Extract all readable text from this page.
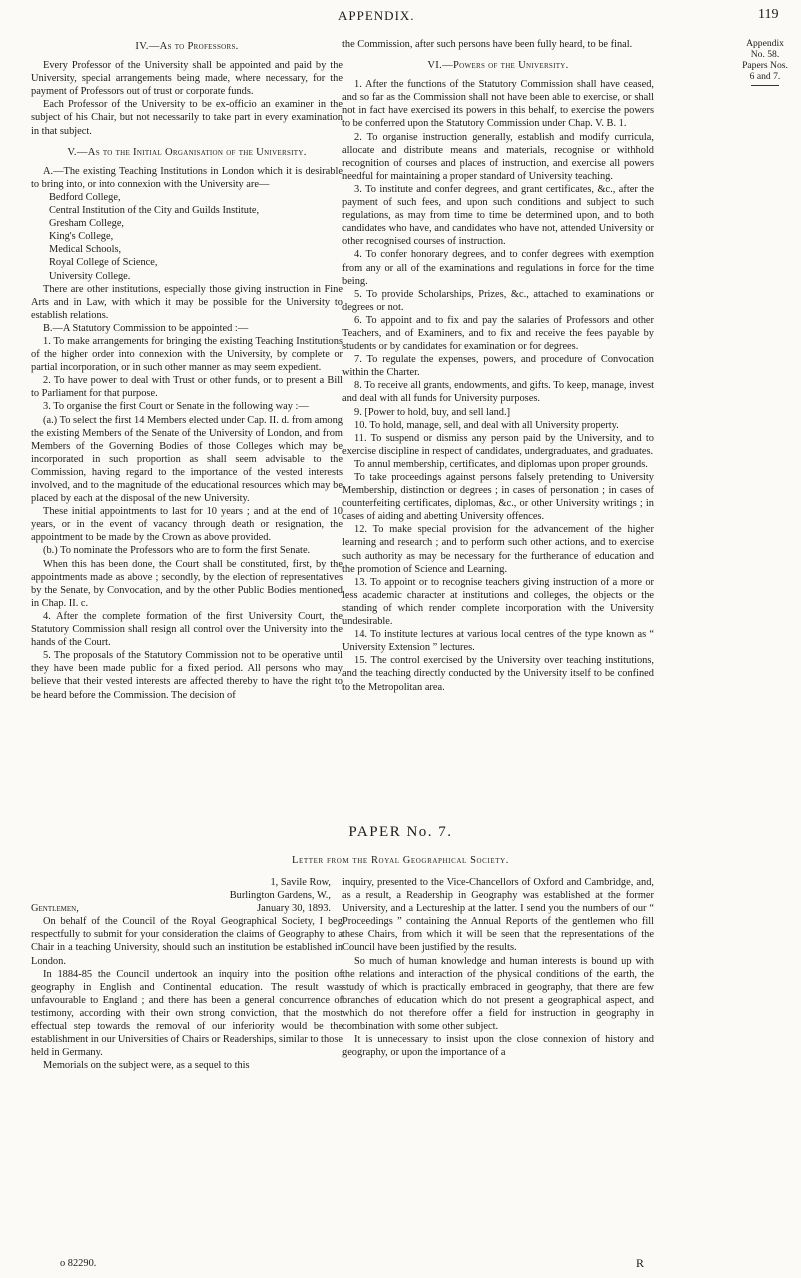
APPENDIX.	119
Appendix
No. 58.
Papers Nos.
6 and 7.

IV.—As to Professors.

Every Professor of the University shall be appointed and paid by the University, special arrangements being made, where necessary, for the payment of Professors out of trust or corporate funds.

Each Professor of the University to be ex-officio an examiner in the subject of his Chair, but not necessarily to take part in every examination in that subject.

V.—As to the Initial Organisation of the University.

A.—The existing Teaching Institutions in London which it is desirable to bring into, or into connexion with the University are—

Bedford College,
Central Institution of the City and Guilds Institute,
Gresham College,
King's College,
Medical Schools,
Royal College of Science,
University College.

There are other institutions, especially those giving instruction in Fine Arts and in Law, with which it may be possible for the University to establish relations.

B.—A Statutory Commission to be appointed :—

1. To make arrangements for bringing the existing Teaching Institutions of the higher order into connexion with the University, by complete or partial incorporation, or in such other manner as may seem expedient.

2. To have power to deal with Trust or other funds, or to present a Bill to Parliament for that purpose.

3. To organise the first Court or Senate in the following way :—

(a.) To select the first 14 Members elected under Cap. II. d. from among the existing Members of the Senate of the University of London, and from Members of the Governing Bodies of those Colleges which may be incorporated in such proportion as shall seem advisable to the Commission, having regard to the importance of the vested interests involved, and to the magnitude of the educational resources which may be placed by each at the disposal of the new University.

These initial appointments to last for 10 years ; and at the end of 10 years, or in the event of vacancy through death or resignation, the appointment to be made by the Crown as above provided.

(b.) To nominate the Professors who are to form the first Senate.

When this has been done, the Court shall be constituted, first, by the appointments made as above ; secondly, by the election of representatives by the Senate, by Convocation, and by the other Public Bodies mentioned in Chap. II. c.

4. After the complete formation of the first University Court, the Statutory Commission shall resign all control over the University into the hands of the Court.

5. The proposals of the Statutory Commission not to be operative until they have been made public for a fixed period. All persons who may believe that their vested interests are affected thereby to have the right to be heard before the Commission. The decision of

the Commission, after such persons have been fully heard, to be final.

VI.—Powers of the University.

1. After the functions of the Statutory Commission shall have ceased, and so far as the Commission shall not have been able to exercise, or shall not in fact have exercised its powers in this behalf, to exercise the powers to be conferred upon the Statutory Commission under Chap. V. B. 1.

2. To organise instruction generally, establish and modify curricula, allocate and distribute means and materials, recognise or withhold recognition of courses and places of instruction, and exercise all powers needful for maintaining a proper standard of University teaching.

3. To institute and confer degrees, and grant certificates, &c., after the payment of such fees, and upon such conditions and subject to such regulations, as may from time to time be determined upon, and to both candidates who have, and candidates who have not, attended University or other recognised courses of instruction.

4. To confer honorary degrees, and to confer degrees with exemption from any or all of the examinations and regulations in force for the time being.

5. To provide Scholarships, Prizes, &c., attached to examinations or degrees or not.

6. To appoint and to fix and pay the salaries of Professors and other Teachers, and of Examiners, and to fix and receive the fees payable by students or by candidates for examination or for degrees.

7. To regulate the expenses, powers, and procedure of Convocation within the Charter.

8. To receive all grants, endowments, and gifts. To keep, manage, invest and deal with all funds for University purposes.

9. [Power to hold, buy, and sell land.]

10. To hold, manage, sell, and deal with all University property.

11. To suspend or dismiss any person paid by the University, and to exercise discipline in respect of candidates, undergraduates, and graduates.

To annul membership, certificates, and diplomas upon proper grounds.

To take proceedings against persons falsely pretending to University Membership, distinction or degrees ; in cases of personation ; in cases of counterfeiting certificates, diplomas, &c., or other University writings ; in cases of aiding and abetting University offences.

12. To make special provision for the advancement of the higher learning and research ; and to perform such other actions, and to exercise such authority as may be necessary for the furtherance of education and the promotion of Science and Learning.

13. To appoint or to recognise teachers giving instruction of a more or less academic character at institutions and colleges, the objects or the standing of which render complete incorporation with the University undesirable.

14. To institute lectures at various local centres of the type known as “ University Extension ” lectures.

15. The control exercised by the University over teaching institutions, and the teaching directly conducted by the University itself to be confined to the Metropolitan area.

PAPER No. 7.
Letter from the Royal Geographical Society.
1, Savile Row,
Burlington Gardens, W.,
Gentlemen,	January 30, 1893.

On behalf of the Council of the Royal Geographical Society, I beg respectfully to submit for your consideration the claims of Geography to a Chair in a teaching University, should such an institution be established in London.

In 1884-85 the Council undertook an inquiry into the position of geography in English and Continental education. The result was unfavourable to England ; and there has been a general concurrence of testimony, according with their own strong conviction, that the most effectual step towards the removal of our inferiority would be the establishment in our Universities of Chairs or Readerships, similar to those held in Germany.

Memorials on the subject were, as a sequel to this

inquiry, presented to the Vice-Chancellors of Oxford and Cambridge, and, as a result, a Readership in Geography was established at the former University, and a Lectureship at the latter. I send you the numbers of our “ Proceedings ” containing the Annual Reports of the gentlemen who fill these Chairs, from which it will be seen that the representations of the Council have been justified by the results.

So much of human knowledge and human interests is bound up with the relations and interaction of the physical conditions of the earth, the study of which is practically embraced in geography, that there are few branches of education which do not present a geographical aspect, and which do not therefore offer a field for instruction in geography in combination with some other subject.

It is unnecessary to insist upon the close connexion of history and geography, or upon the importance of a

o 82290.	R
